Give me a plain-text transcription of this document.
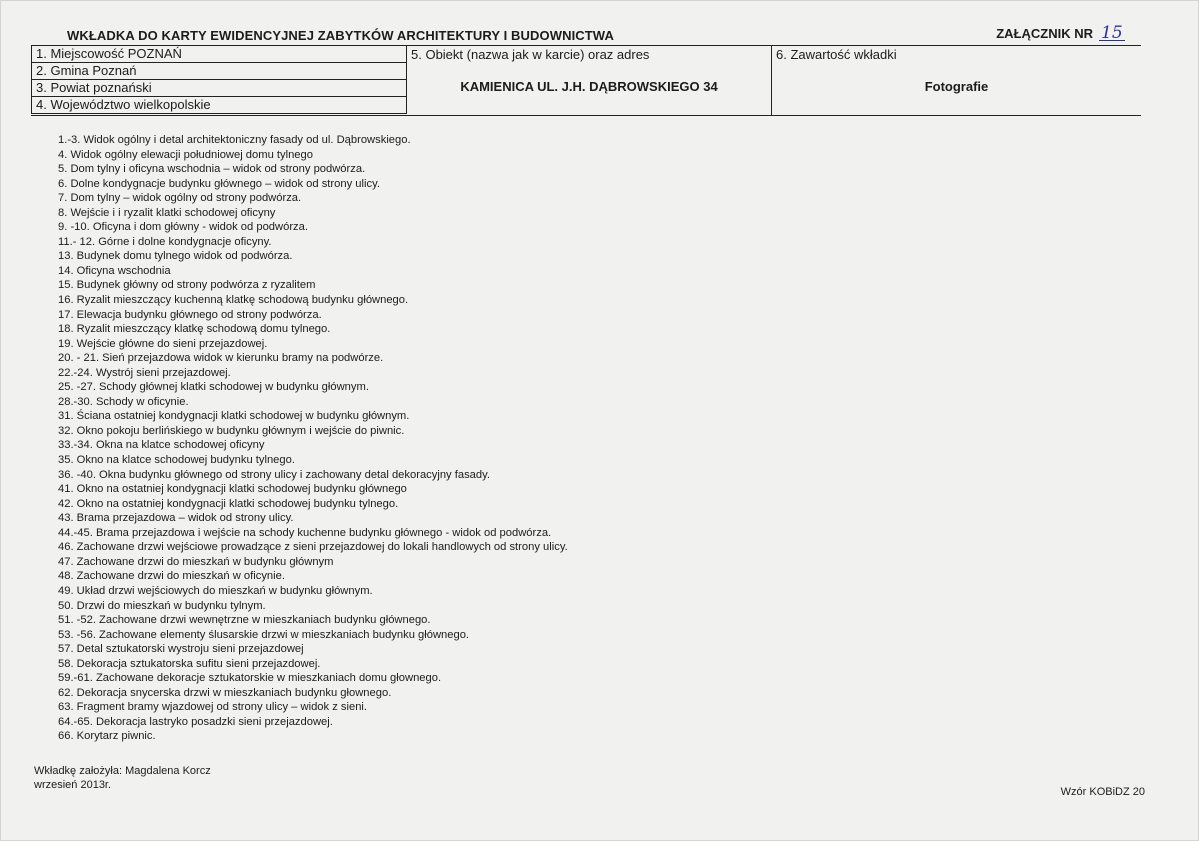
WKŁADKA DO KARTY EWIDENCYJNEJ ZABYTKÓW ARCHITEKTURY I BUDOWNICTWA	ZAŁĄCZNIK NR 15
1. Miejscowość POZNAŃ
2. Gmina Poznań
3. Powiat poznański
4. Województwo wielkopolskie
5. Obiekt (nazwa jak w karcie) oraz adres
KAMIENICA UL. J.H. DĄBROWSKIEGO 34
6. Zawartość wkładki
Fotografie
1.-3. Widok ogólny i detal architektoniczny fasady od ul. Dąbrowskiego.
4. Widok ogólny elewacji południowej domu tylnego
5. Dom tylny i oficyna wschodnia – widok od strony podwórza.
6. Dolne kondygnacje budynku głównego – widok od strony ulicy.
7. Dom tylny – widok ogólny od strony podwórza.
8. Wejście i i ryzalit klatki schodowej oficyny
9. -10. Oficyna i dom główny - widok od podwórza.
11.- 12. Górne i dolne kondygnacje oficyny.
13. Budynek domu tylnego widok od podwórza.
14. Oficyna wschodnia
15. Budynek główny od strony podwórza z ryzalitem
16. Ryzalit mieszczący kuchenną klatkę schodową budynku głównego.
17. Elewacja budynku głównego od strony podwórza.
18. Ryzalit mieszczący klatkę schodową domu tylnego.
19. Wejście główne do sieni przejazdowej.
20. - 21. Sień przejazdowa widok w kierunku bramy na podwórze.
22.-24. Wystrój sieni przejazdowej.
25. -27. Schody głównej klatki schodowej w budynku głównym.
28.-30. Schody w oficynie.
31. Ściana ostatniej kondygnacji klatki schodowej w budynku głównym.
32. Okno pokoju berlińskiego w budynku głównym i wejście do piwnic.
33.-34. Okna na klatce schodowej oficyny
35. Okno na klatce schodowej budynku tylnego.
36. -40. Okna budynku głównego od strony ulicy i zachowany detal dekoracyjny fasady.
41. Okno na ostatniej kondygnacji klatki schodowej budynku głównego
42. Okno na ostatniej kondygnacji klatki schodowej budynku tylnego.
43. Brama przejazdowa – widok od strony ulicy.
44.-45. Brama przejazdowa i wejście na schody kuchenne budynku głównego - widok od podwórza.
46. Zachowane drzwi wejściowe prowadzące z sieni przejazdowej do lokali handlowych od strony ulicy.
47. Zachowane drzwi do mieszkań w budynku głównym
48. Zachowane drzwi do mieszkań w oficynie.
49. Układ drzwi wejściowych do mieszkań w budynku głównym.
50. Drzwi do mieszkań w budynku tylnym.
51. -52. Zachowane drzwi wewnętrzne w mieszkaniach budynku głównego.
53. -56. Zachowane elementy ślusarskie drzwi w mieszkaniach budynku głównego.
57. Detal sztukatorski wystroju sieni przejazdowej
58. Dekoracja sztukatorska sufitu sieni przejazdowej.
59.-61. Zachowane dekoracje sztukatorskie w mieszkaniach domu głownego.
62. Dekoracja snycerska drzwi w mieszkaniach budynku głownego.
63. Fragment bramy wjazdowej od strony ulicy – widok z sieni.
64.-65. Dekoracja lastryko posadzki sieni przejazdowej.
66. Korytarz piwnic.
Wkładkę założyła: Magdalena Korcz
wrzesień 2013r.
Wzór KOBiDZ 20
